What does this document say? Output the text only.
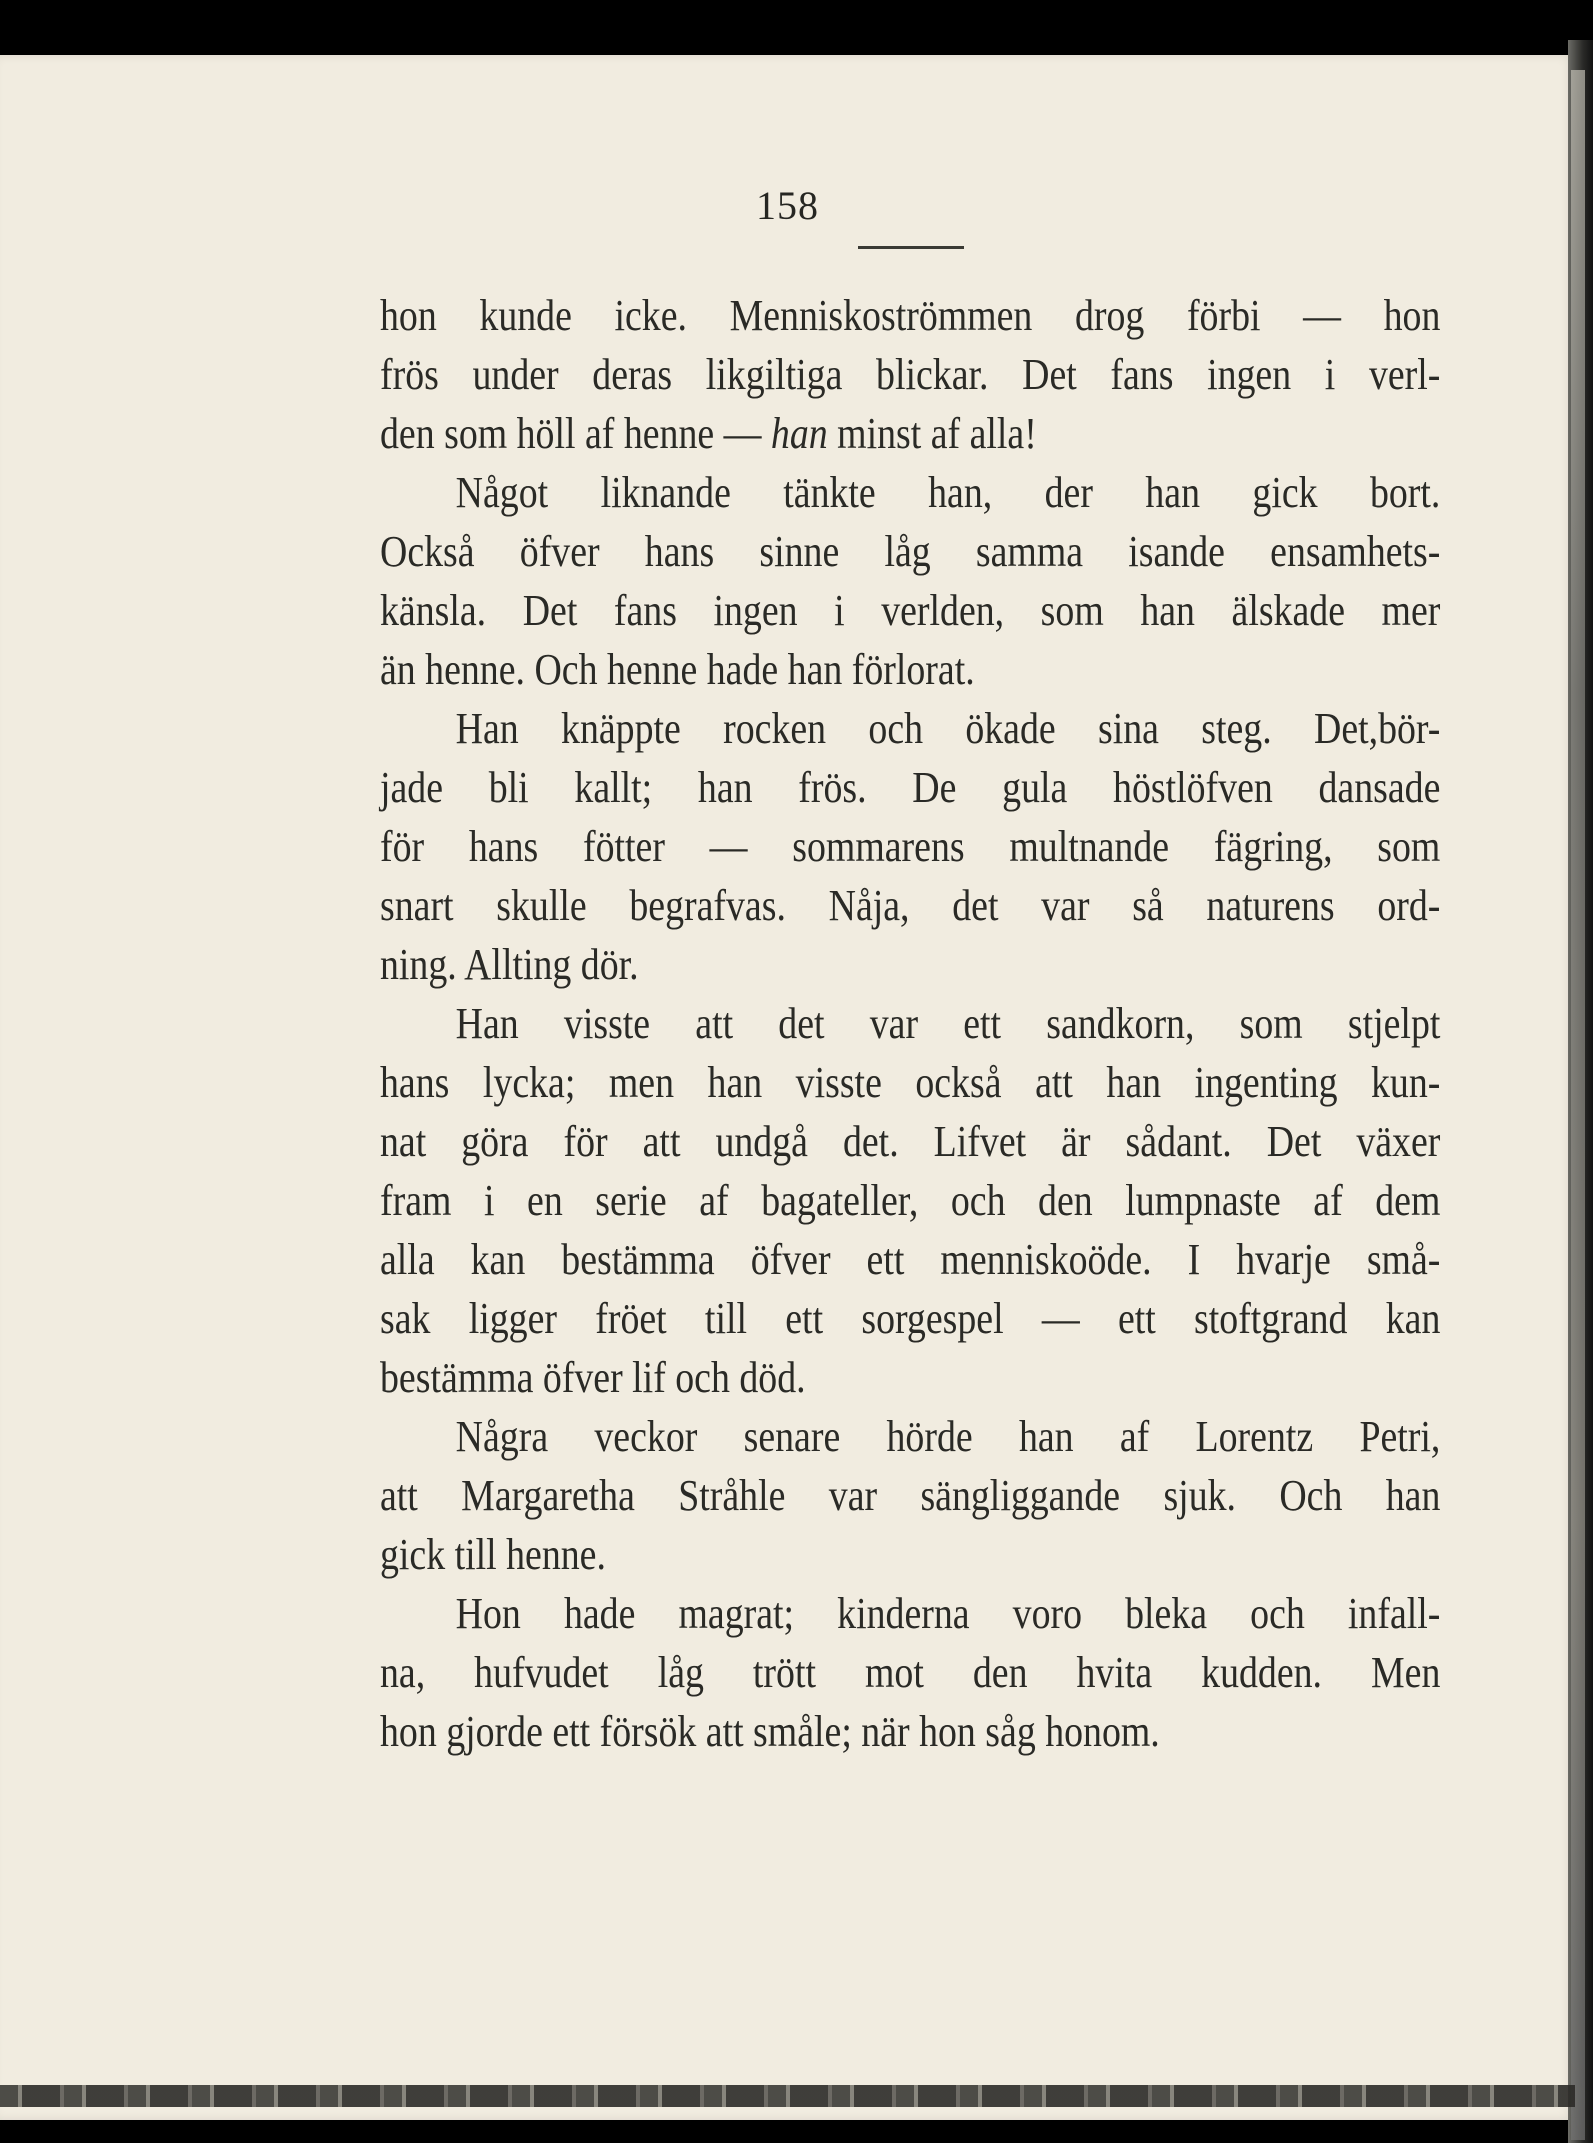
158
hon kunde icke. Menniskoströmmen drog förbi — hon
frös under deras likgiltiga blickar. Det fans ingen i verl-
den som höll af henne — han minst af alla!
Något liknande tänkte han, der han gick bort.
Också öfver hans sinne låg samma isande ensamhets-
känsla. Det fans ingen i verlden, som han älskade mer
än henne. Och henne hade han förlorat.
Han knäppte rocken och ökade sina steg. Det,bör-
jade bli kallt; han frös. De gula höstlöfven dansade
för hans fötter — sommarens multnande fägring, som
snart skulle begrafvas. Nåja, det var så naturens ord-
ning. Allting dör.
Han visste att det var ett sandkorn, som stjelpt
hans lycka; men han visste också att han ingenting kun-
nat göra för att undgå det. Lifvet är sådant. Det växer
fram i en serie af bagateller, och den lumpnaste af dem
alla kan bestämma öfver ett menniskoöde. I hvarje små-
sak ligger fröet till ett sorgespel — ett stoftgrand kan
bestämma öfver lif och död.
Några veckor senare hörde han af Lorentz Petri,
att Margaretha Stråhle var sängliggande sjuk. Och han
gick till henne.
Hon hade magrat; kinderna voro bleka och infall-
na, hufvudet låg trött mot den hvita kudden. Men
hon gjorde ett försök att småle; när hon såg honom.
